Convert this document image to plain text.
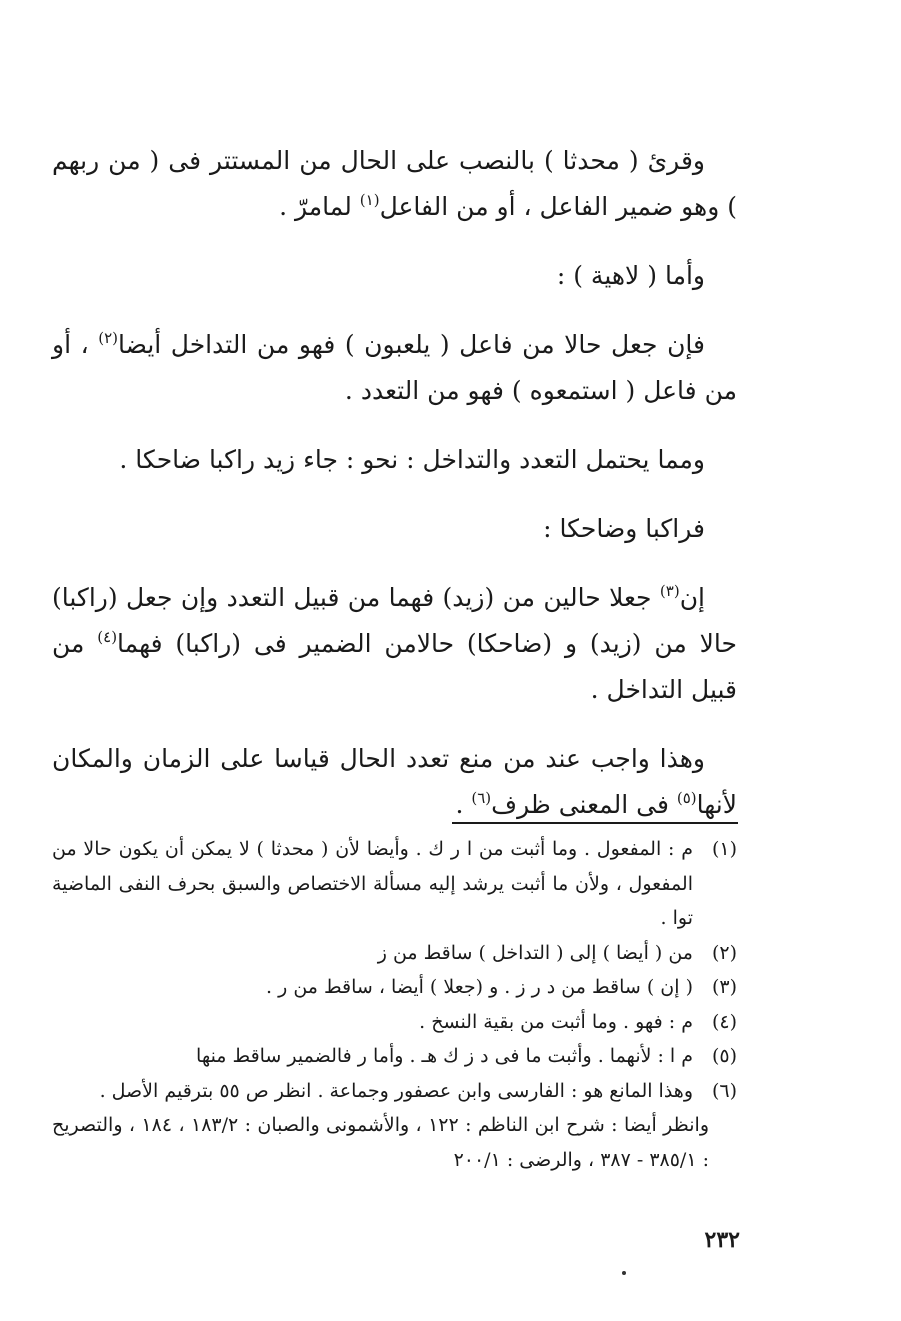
وقرئ ( محدثا ) بالنصب على الحال من المستتر فى ( من ربهم ) وهو ضمير الفاعل ، أو من الفاعل$^{(١)}$ لمامرّ .

وأما ( لاهية ) :

فإن جعل حالا من فاعل ( يلعبون ) فهو من التداخل أيضا$^{(٢)}$ ، أو من فاعل ( استمعوه ) فهو من التعدد .

ومما يحتمل التعدد والتداخل : نحو : جاء زيد راكبا ضاحكا .

فراكبا وضاحكا :

إن$^{(٣)}$ جعلا حالين من (زيد) فهما من قبيل التعدد وإن جعل (راكبا) حالا من (زيد) و (ضاحكا) حالامن الضمير فى (راكبا) فهما$^{(٤)}$ من قبيل التداخل .

وهذا واجب عند من منع تعدد الحال قياسا على الزمان والمكان لأنها$^{(٥)}$ فى المعنى ظرف$^{(٦)}$ .

(١)م : المفعول . وما أثبت من ا ر ك . وأيضا لأن ( محدثا ) لا يمكن أن يكون حالا من المفعول ، ولأن ما أثبت يرشد إليه مسألة الاختصاص والسبق بحرف النفى الماضية توا .

(٢)من ( أيضا ) إلى ( التداخل ) ساقط من ز

(٣)( إن ) ساقط من د ر ز . و (جعلا ) أيضا ، ساقط من ر .

(٤)م : فهو . وما أثبت من بقية النسخ .

(٥)م ا : لأنهما . وأثبت ما فى د ز ك هـ . وأما ر فالضمير ساقط منها

(٦)وهذا المانع هو : الفارسى وابن عصفور وجماعة . انظر ص ٥٥ بترقيم الأصل .

وانظر أيضا : شرح ابن الناظم : ١٢٢ ، والأشمونى والصبان : ١٨٣/٢ ، ١٨٤ ، والتصريح : ٣٨٥/١ - ٣٨٧ ، والرضى : ٢٠٠/١

٢٣٢
